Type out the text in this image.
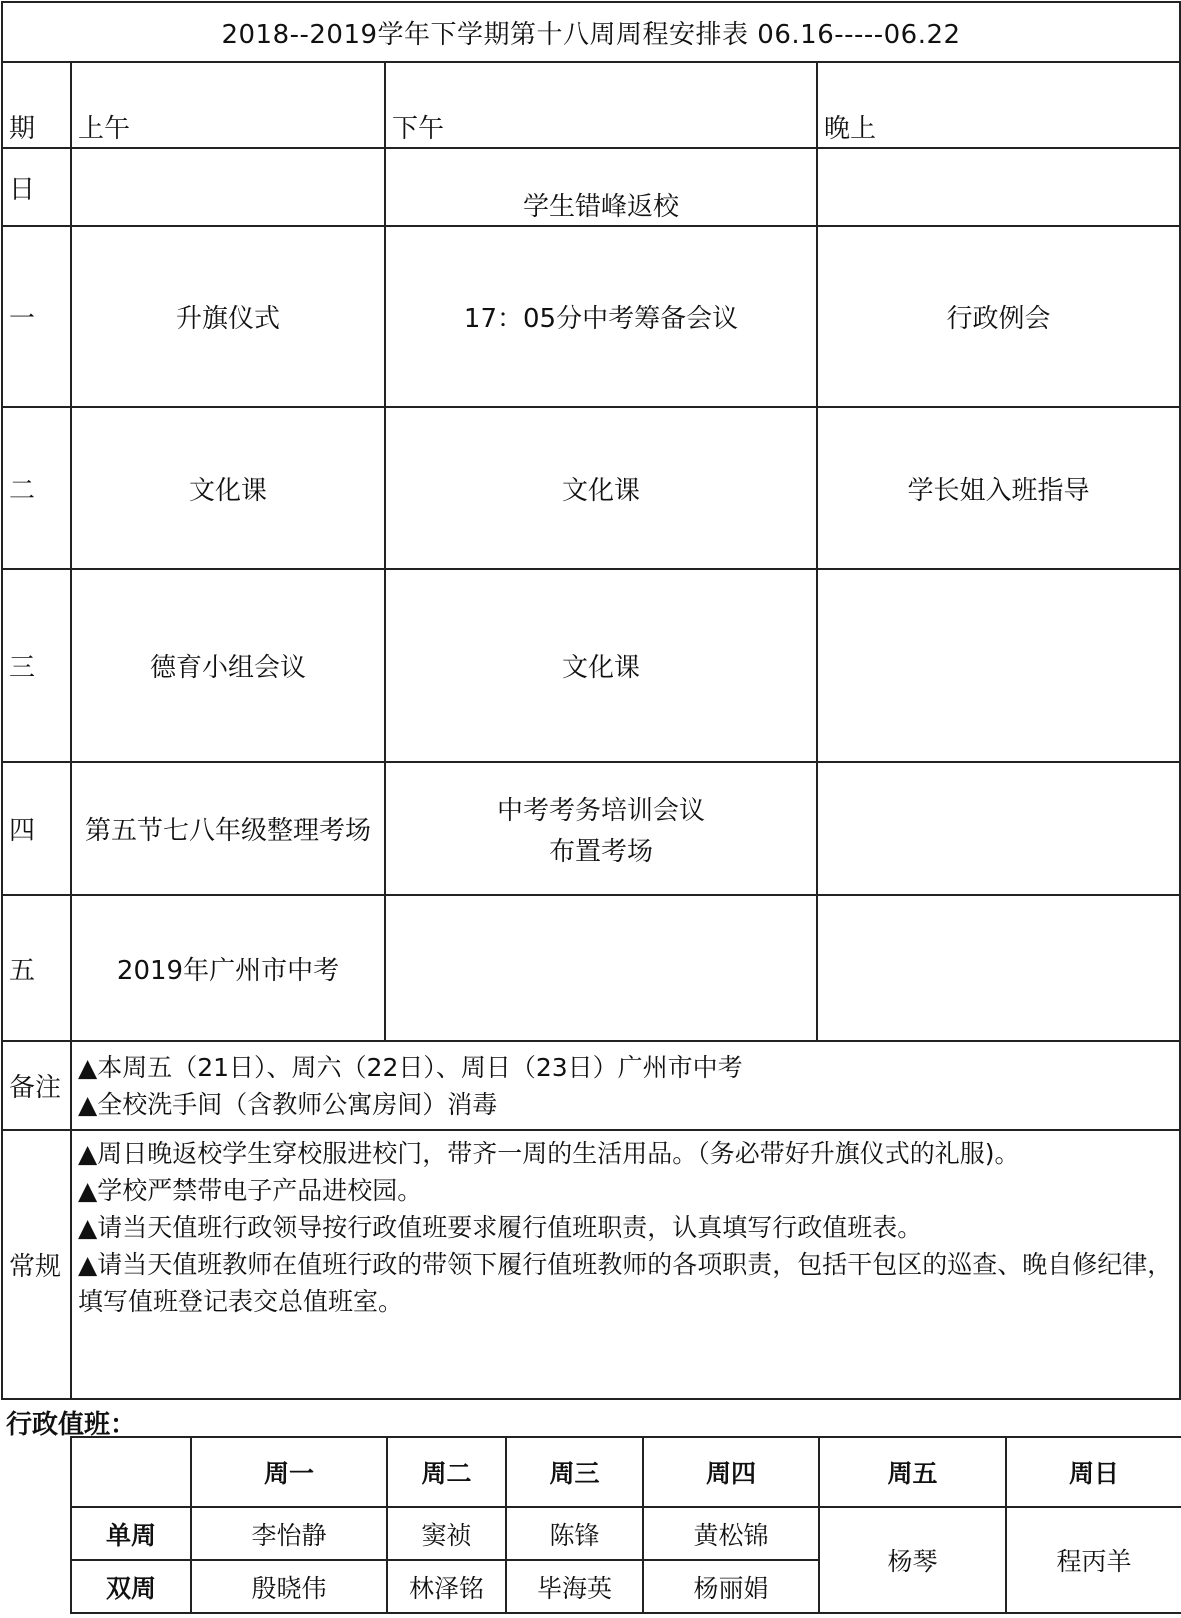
2018--2019学年下学期第十八周周程安排表 06.16-----06.22			
期	上午	下午	晚上
日		学生错峰返校	
一	升旗仪式	17：05分中考筹备会议	行政例会
二	文化课	文化课	学长姐入班指导
三	德育小组会议	文化课	
四	第五节七八年级整理考场	中考考务培训会议
布置考场	

五	2019年广州市中考		
备注	▲本周五（21日）、周六（22日）、周日（23日）广州市中考
▲全校洗手间（含教师公寓房间）消毒		

常规	▲周日晚返校学生穿校服进校门，带齐一周的生活用品。（务必带好升旗仪式的礼服)。
▲学校严禁带电子产品进校园。
▲请当天值班行政领导按行政值班要求履行值班职责，认真填写行政值班表。
▲请当天值班教师在值班行政的带领下履行值班教师的各项职责，包括干包区的巡查、晚自修纪律，填写值班登记表交总值班室。		
行政值班：
	周一	周二	周三	周四	周五	周日
单周	李怡静	窦祯	陈锋	黄松锦	杨琴	程丙羊
双周	殷晓伟	林泽铭	毕海英	杨丽娟		
